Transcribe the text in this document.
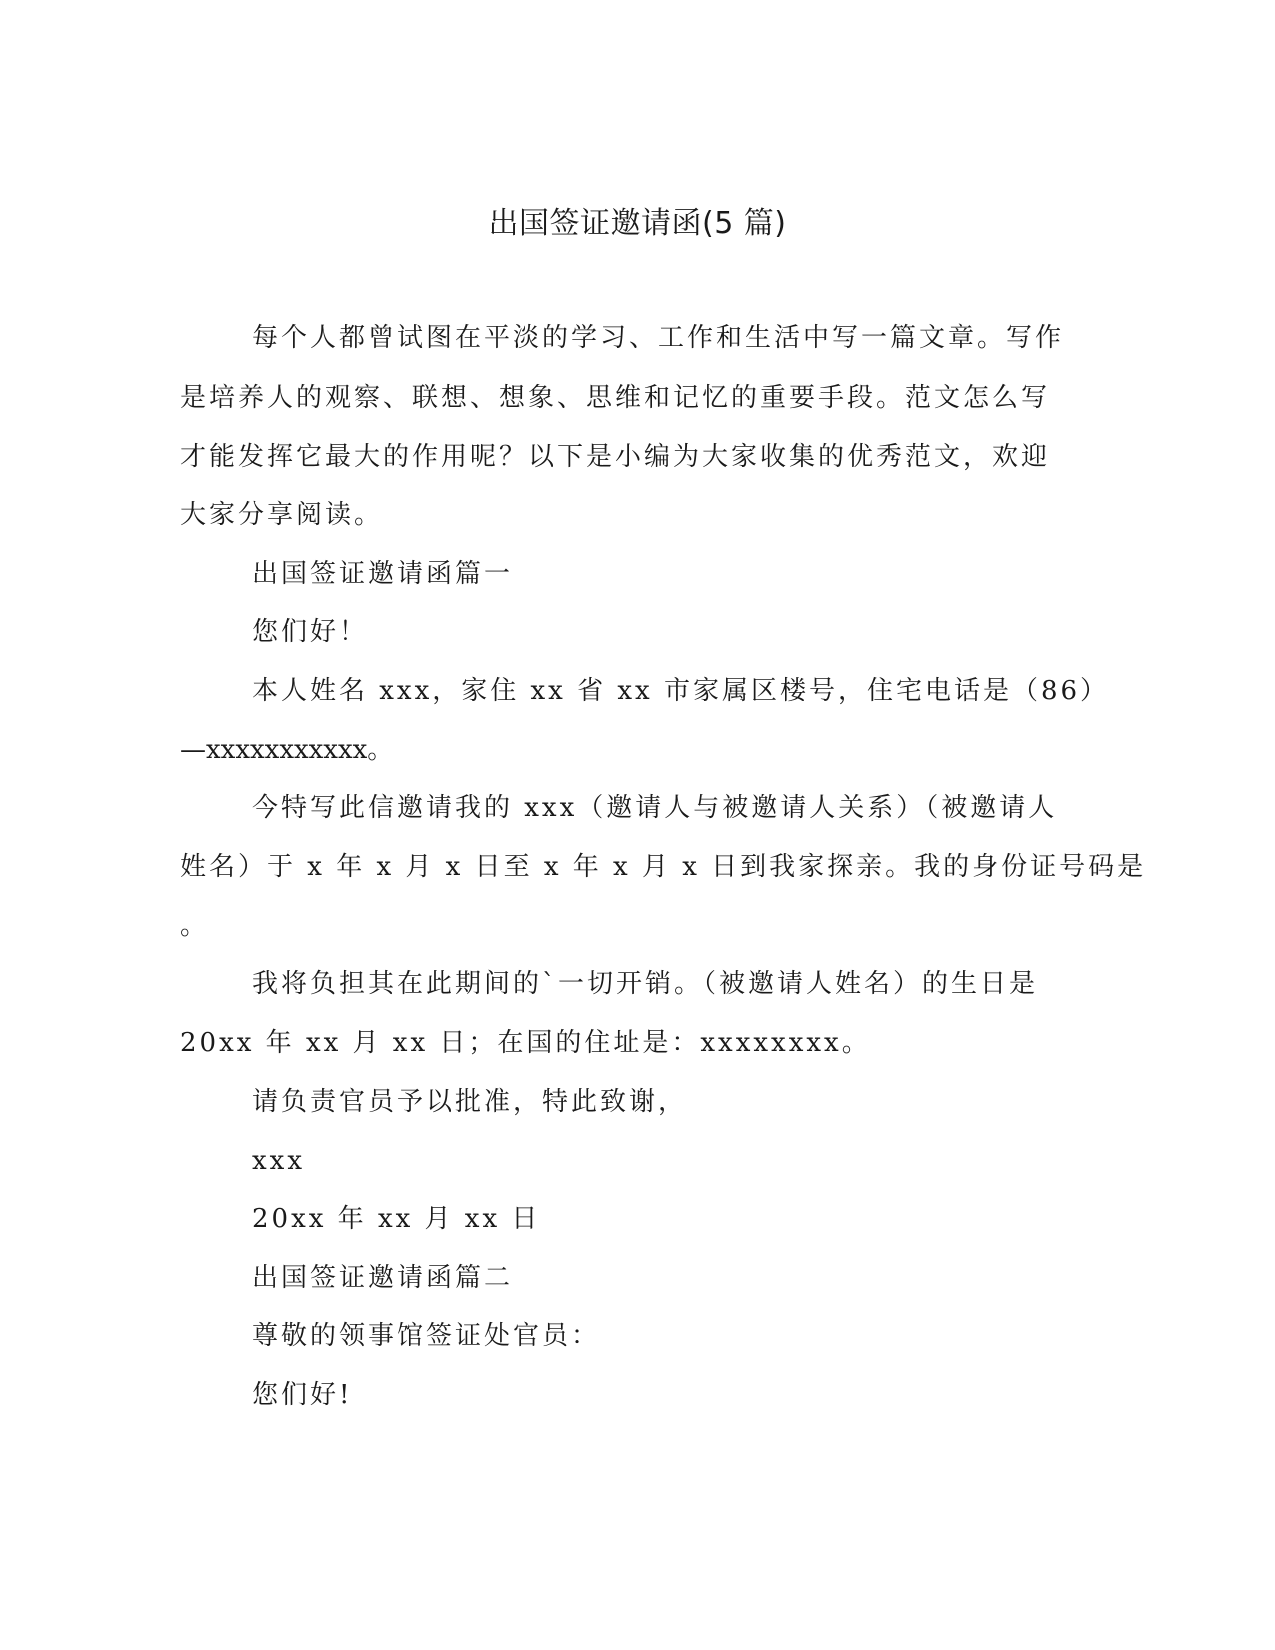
出国签证邀请函(5 篇)
每个人都曾试图在平淡的学习、工作和生活中写一篇文章。写作
是培养人的观察、联想、想象、思维和记忆的重要手段。范文怎么写
才能发挥它最大的作用呢？以下是小编为大家收集的优秀范文，欢迎
大家分享阅读。
出国签证邀请函篇一
您们好！
本人姓名 xxx，家住 xx 省 xx 市家属区楼号，住宅电话是（86）
—xxxxxxxxxxx。
今特写此信邀请我的 xxx（邀请人与被邀请人关系）（被邀请人
姓名）于 x 年 x 月 x 日至 x 年 x 月 x 日到我家探亲。我的身份证号码是
。
我将负担其在此期间的`一切开销。（被邀请人姓名）的生日是
20xx 年 xx 月 xx 日；在国的住址是：xxxxxxxx。
请负责官员予以批准，特此致谢，
xxx
20xx 年 xx 月 xx 日
出国签证邀请函篇二
尊敬的领事馆签证处官员：
您们好!
